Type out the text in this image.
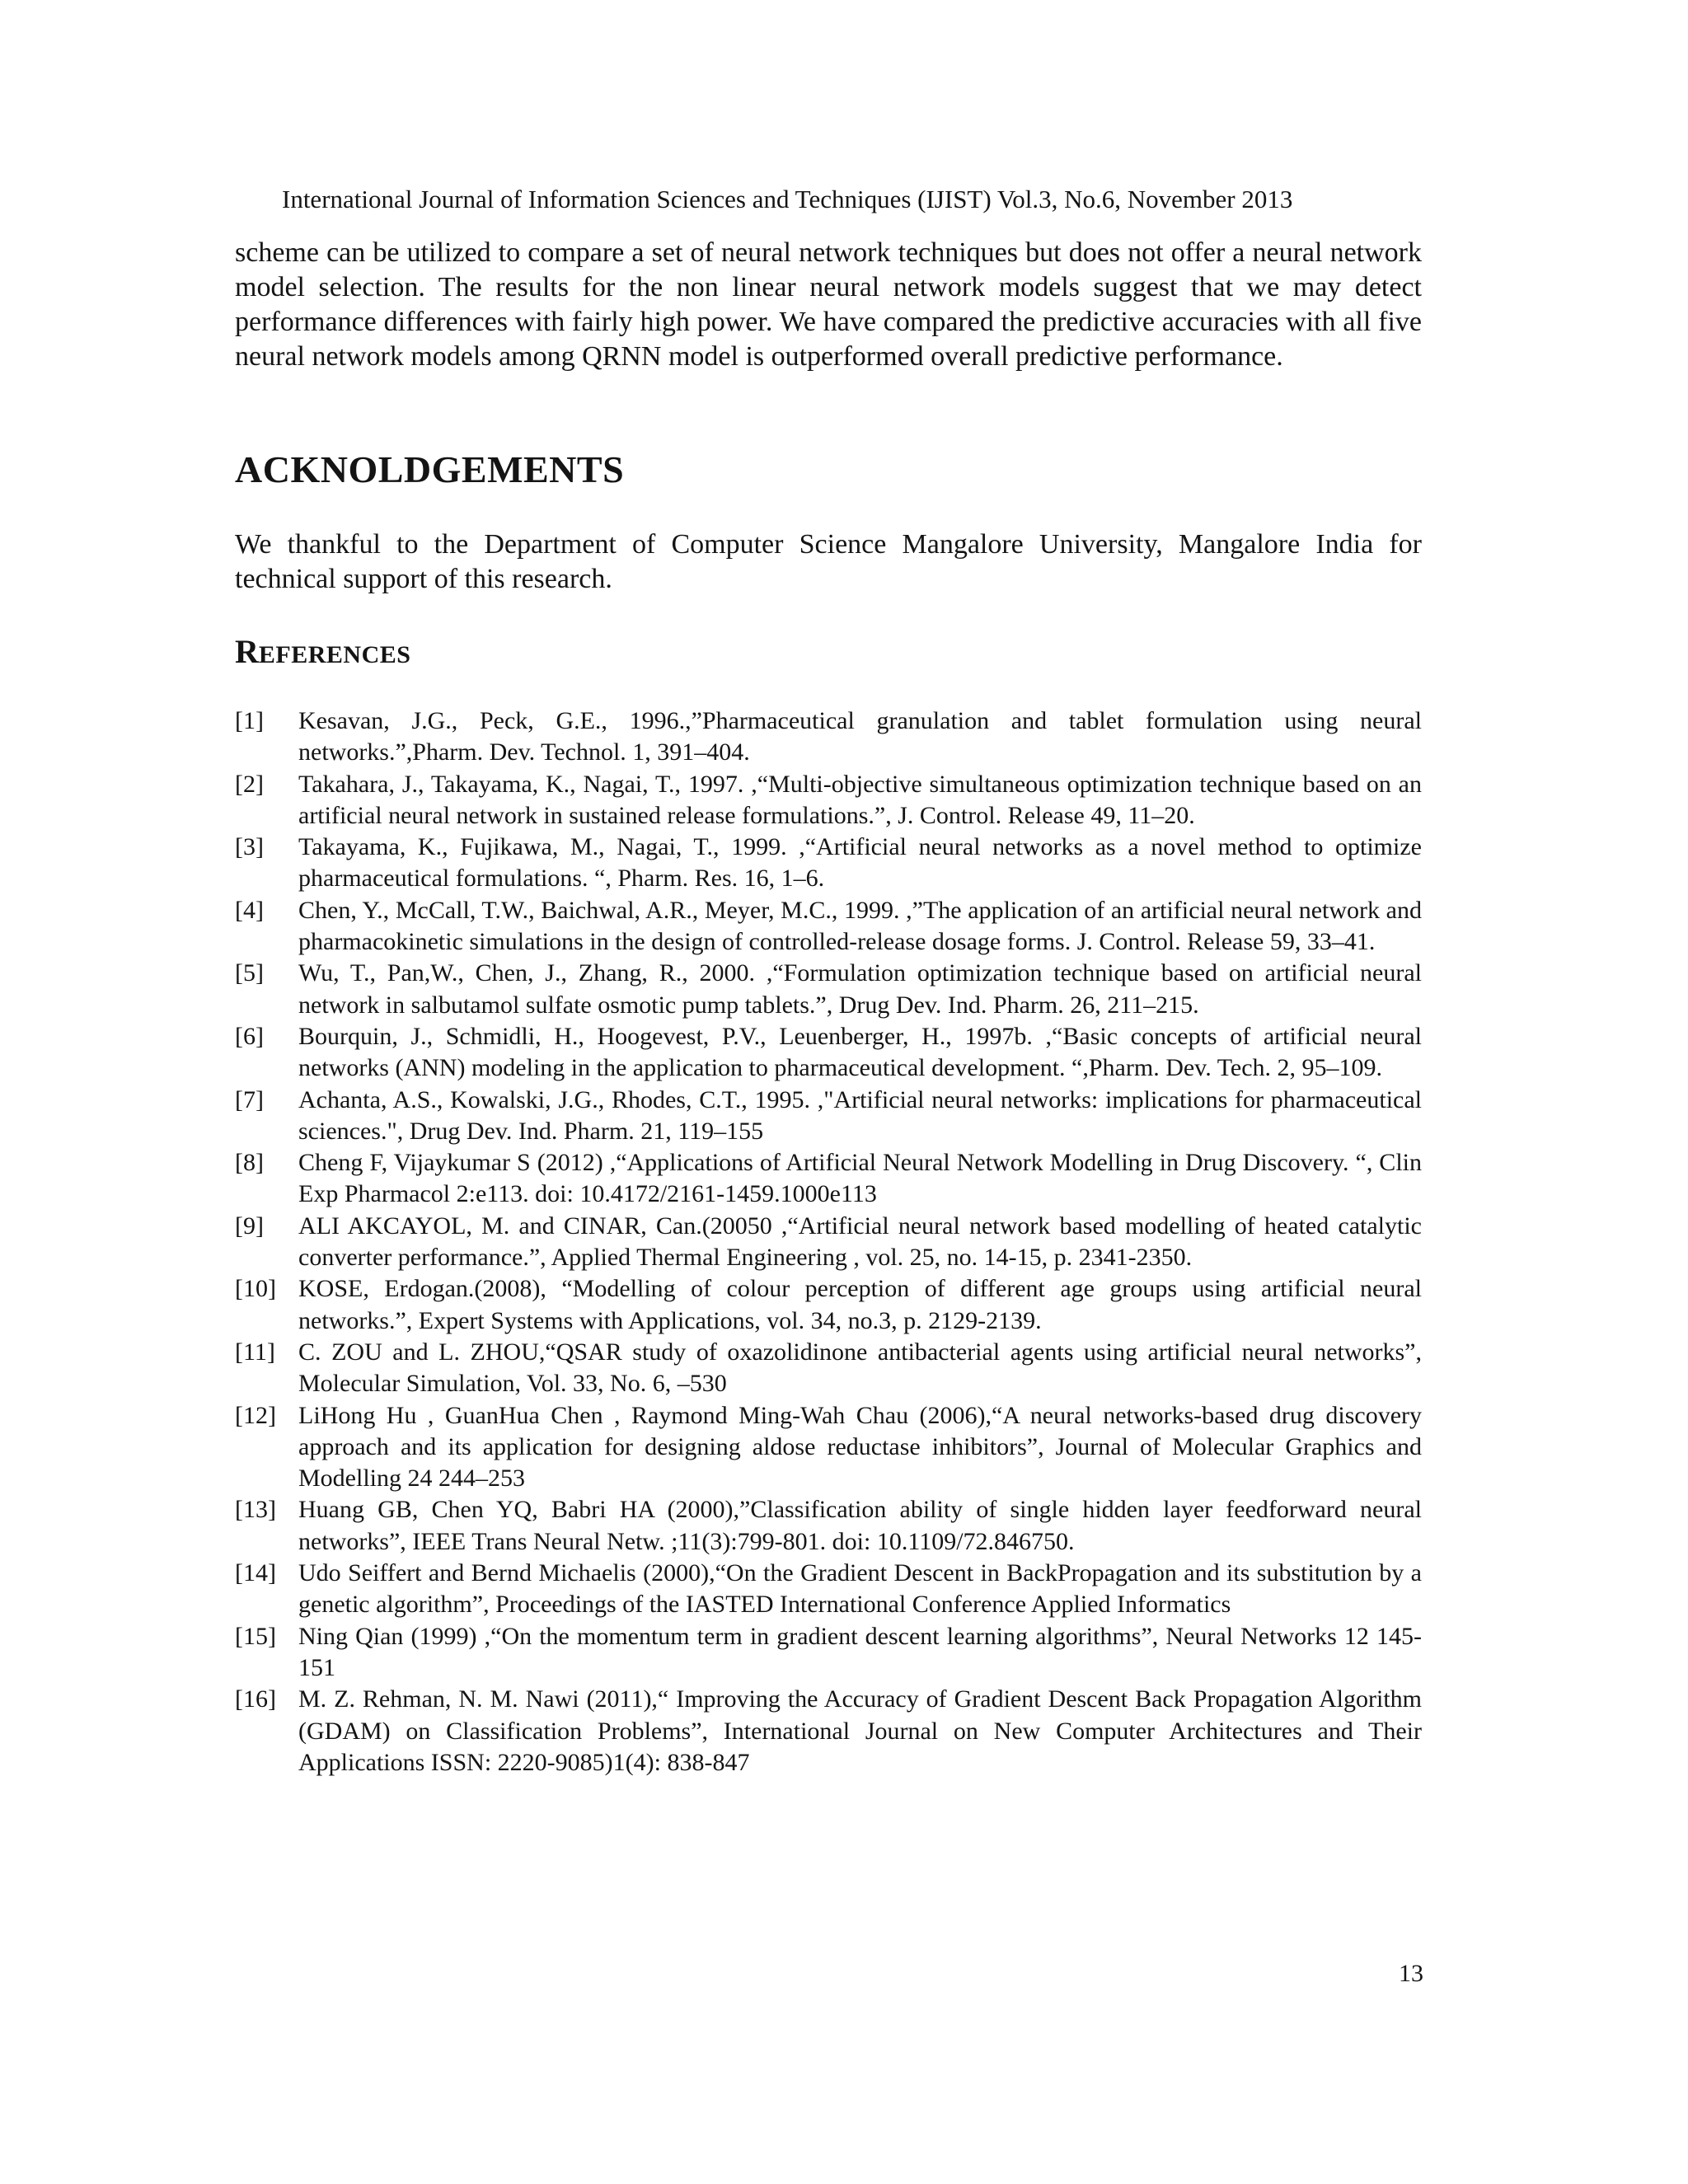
International Journal of Information Sciences and Techniques (IJIST) Vol.3, No.6, November 2013

scheme can be utilized to compare a set of neural network techniques but does not offer a neural network model selection. The results for the non linear neural network models suggest that we may detect performance differences with fairly high power. We have compared the predictive accuracies with all five neural network models among QRNN model is outperformed overall predictive performance.

ACKNOLDGEMENTS

We thankful to the Department of Computer Science Mangalore University, Mangalore India for technical support of this research.

REFERENCES
[1]	Kesavan, J.G., Peck, G.E., 1996.,”Pharmaceutical granulation and tablet formulation using neural networks.”,Pharm. Dev. Technol. 1, 391–404.
[2]	Takahara, J., Takayama, K., Nagai, T., 1997. ,“Multi-objective simultaneous optimization technique based on an artificial neural network in sustained release formulations.”, J. Control. Release 49, 11–20.
[3]	Takayama, K., Fujikawa, M., Nagai, T., 1999. ,“Artificial neural networks as a novel method to optimize pharmaceutical formulations. “, Pharm. Res. 16, 1–6.
[4]	Chen, Y., McCall, T.W., Baichwal, A.R., Meyer, M.C., 1999. ,”The application of an artificial neural network and pharmacokinetic simulations in the design of controlled-release dosage forms. J. Control. Release 59, 33–41.
[5]	Wu, T., Pan,W., Chen, J., Zhang, R., 2000. ,“Formulation optimization technique based on artificial neural network in salbutamol sulfate osmotic pump tablets.”, Drug Dev. Ind. Pharm. 26, 211–215.
[6]	Bourquin, J., Schmidli, H., Hoogevest, P.V., Leuenberger, H., 1997b. ,“Basic concepts of artificial neural networks (ANN) modeling in the application to pharmaceutical development. “,Pharm. Dev. Tech. 2, 95–109.
[7]	Achanta, A.S., Kowalski, J.G., Rhodes, C.T., 1995. ,"Artificial neural networks: implications for pharmaceutical sciences.", Drug Dev. Ind. Pharm. 21, 119–155
[8]	Cheng F, Vijaykumar S (2012) ,“Applications of Artificial Neural Network Modelling in Drug Discovery. “, Clin Exp Pharmacol 2:e113. doi: 10.4172/2161-1459.1000e113
[9]	ALI AKCAYOL, M. and CINAR, Can.(20050 ,“Artificial neural network based modelling of heated catalytic converter performance.”, Applied Thermal Engineering , vol. 25, no. 14-15, p. 2341-2350.
[10] KOSE, Erdogan.(2008), “Modelling of colour perception of different age groups using artificial neural networks.”, Expert Systems with Applications, vol. 34, no.3, p. 2129-2139.
[11] C. ZOU and L. ZHOU,“QSAR study of oxazolidinone antibacterial agents using artificial neural networks”, Molecular Simulation, Vol. 33, No. 6, –530
[12] LiHong Hu , GuanHua Chen , Raymond Ming-Wah Chau (2006),“A neural networks-based drug discovery approach and its application for designing aldose reductase inhibitors”, Journal of Molecular Graphics and Modelling 24 244–253
[13] Huang GB, Chen YQ, Babri HA (2000),”Classification ability of single hidden layer feedforward neural networks”, IEEE Trans Neural Netw. ;11(3):799-801. doi: 10.1109/72.846750.
[14] Udo Seiffert and Bernd Michaelis (2000),“On the Gradient Descent in BackPropagation and its substitution by a genetic algorithm”, Proceedings of the IASTED International Conference Applied Informatics
[15] Ning Qian (1999) ,“On the momentum term in gradient descent learning algorithms”, Neural Networks 12 145-151
[16] M. Z. Rehman, N. M. Nawi (2011),“ Improving the Accuracy of Gradient Descent Back Propagation Algorithm (GDAM) on Classification Problems”, International Journal on New Computer Architectures and Their Applications ISSN: 2220-9085)1(4): 838-847
13
